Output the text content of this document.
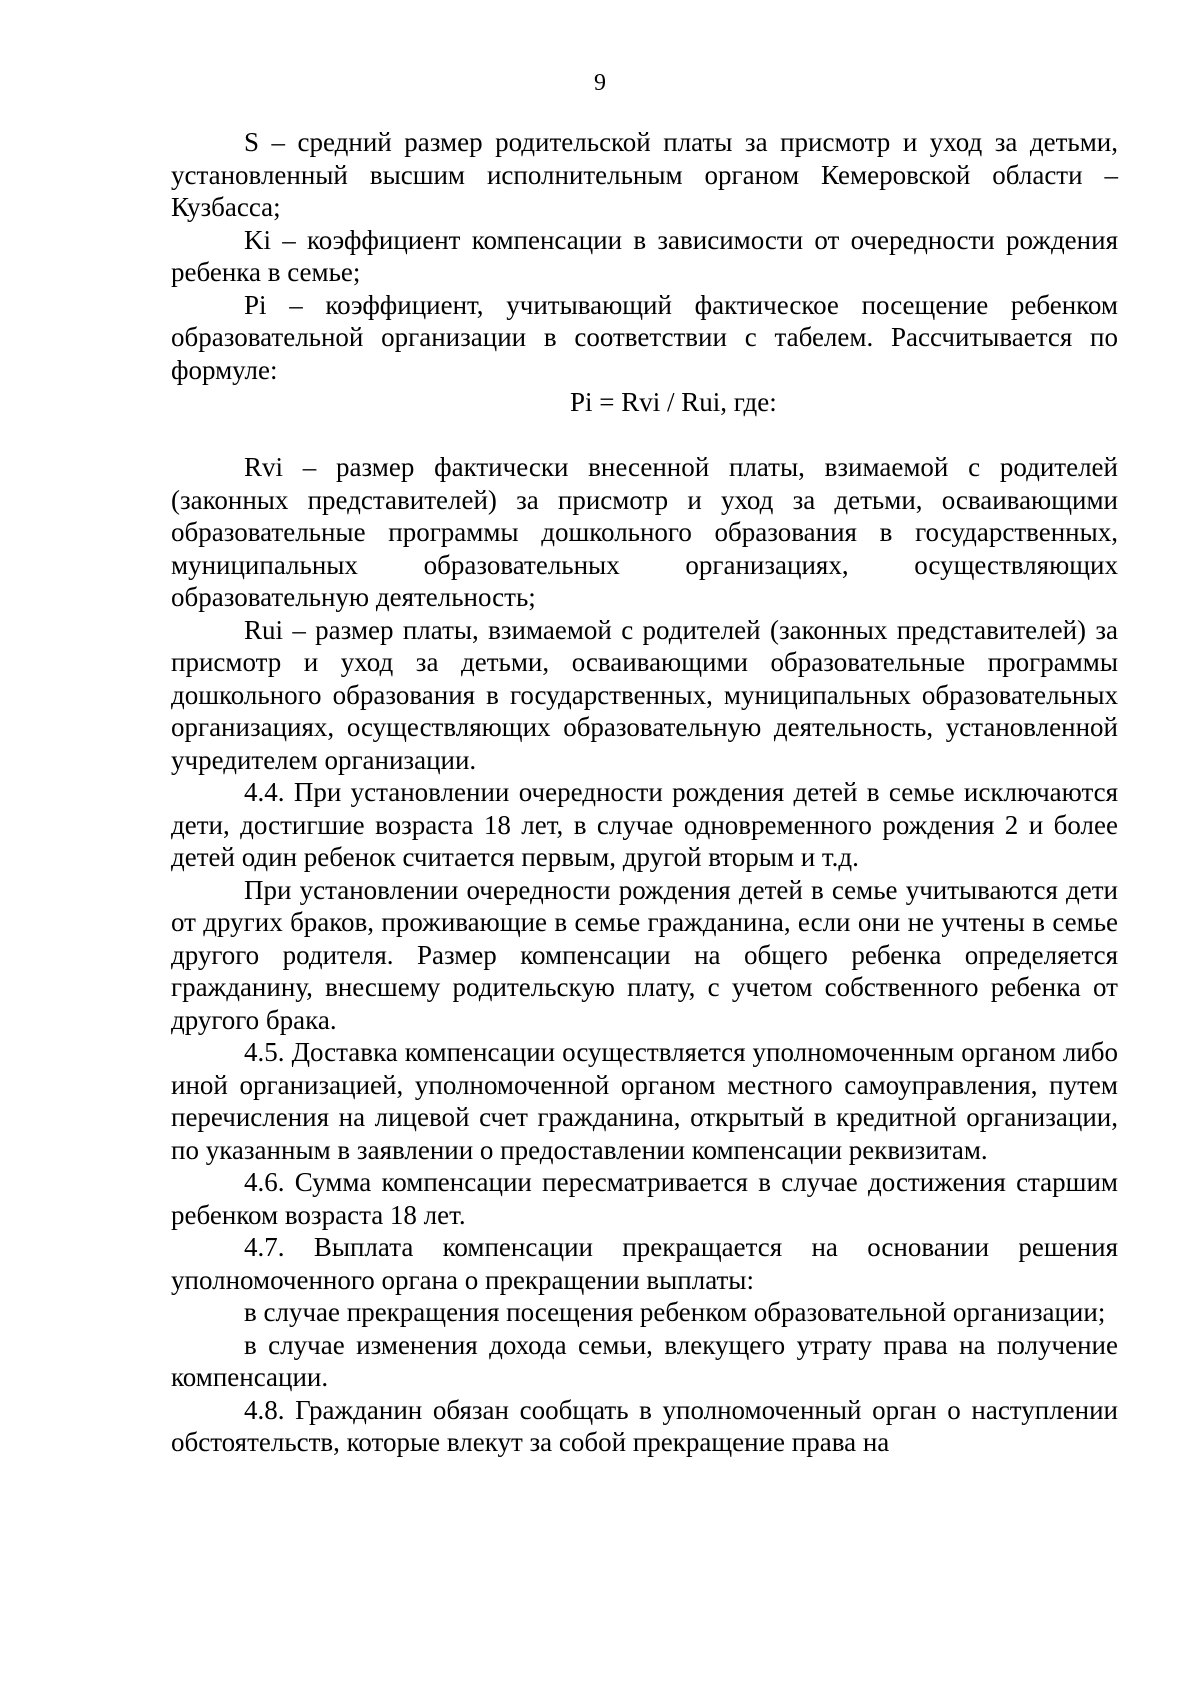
9

S – средний размер родительской платы за присмотр и уход за детьми, установленный высшим исполнительным органом Кемеровской области – Кузбасса;

Ki – коэффициент компенсации в зависимости от очередности рождения ребенка в семье;

Pi – коэффициент, учитывающий фактическое посещение ребенком образовательной организации в соответствии с табелем. Рассчитывается по формуле:

Pi = Rvi / Rui, где:

Rvi – размер фактически внесенной платы, взимаемой с родителей (законных представителей) за присмотр и уход за детьми, осваивающими образовательные программы дошкольного образования в государственных, муниципальных образовательных организациях, осуществляющих образовательную деятельность;

Rui – размер платы, взимаемой с родителей (законных представителей) за присмотр и уход за детьми, осваивающими образовательные программы дошкольного образования в государственных, муниципальных образовательных организациях, осуществляющих образовательную деятельность, установленной учредителем организации.

4.4. При установлении очередности рождения детей в семье исключаются дети, достигшие возраста 18 лет, в случае одновременного рождения 2 и более детей один ребенок считается первым, другой вторым и т.д.

При установлении очередности рождения детей в семье учитываются дети от других браков, проживающие в семье гражданина, если они не учтены в семье другого родителя. Размер компенсации на общего ребенка определяется гражданину, внесшему родительскую плату, с учетом собственного ребенка от другого брака.

4.5. Доставка компенсации осуществляется уполномоченным органом либо иной организацией, уполномоченной органом местного самоуправления, путем перечисления на лицевой счет гражданина, открытый в кредитной организации, по указанным в заявлении о предоставлении компенсации реквизитам.

4.6. Сумма компенсации пересматривается в случае достижения старшим ребенком возраста 18 лет.

4.7. Выплата компенсации прекращается на основании решения уполномоченного органа о прекращении выплаты:

в случае прекращения посещения ребенком образовательной организации;

в случае изменения дохода семьи, влекущего утрату права на получение компенсации.

4.8. Гражданин обязан сообщать в уполномоченный орган о наступлении обстоятельств, которые влекут за собой прекращение права на
